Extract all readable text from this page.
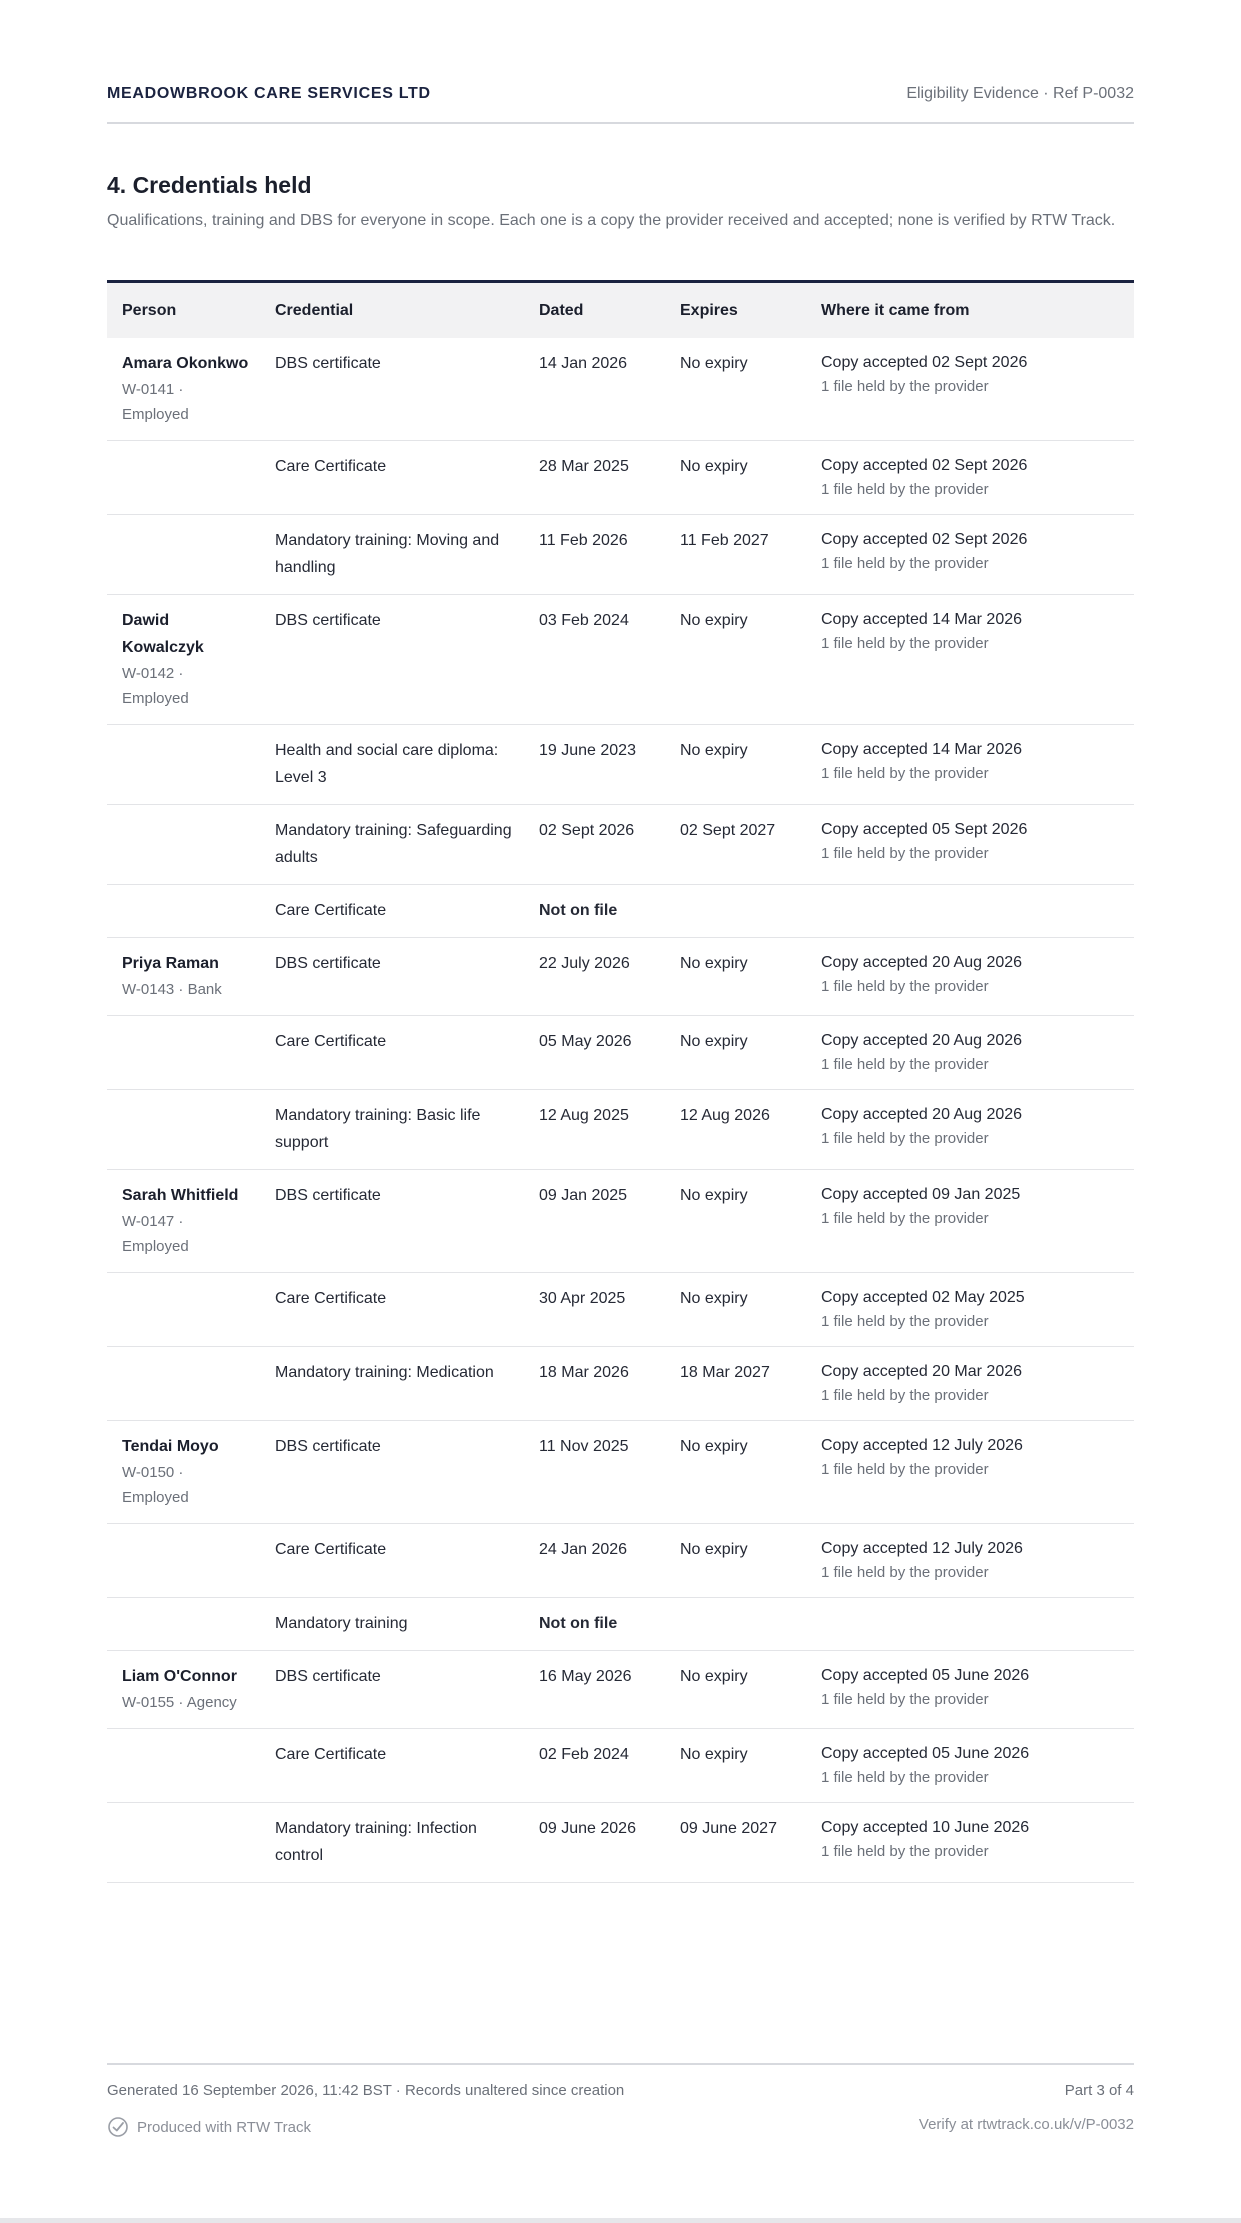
MEADOWBROOK CARE SERVICES LTD	Eligibility Evidence · Ref P-0032
4. Credentials held

Qualifications, training and DBS for everyone in scope. Each one is a copy the provider received and accepted; none is verified by RTW Track.

Person	Credential	Dated	Expires	Where it came from

Amara Okonkwo
W-0141 · Employed	DBS certificate	14 Jan 2026	No expiry	Copy accepted 02 Sept 2026
1 file held by the provider

	Care Certificate	28 Mar 2025	No expiry	Copy accepted 02 Sept 2026
1 file held by the provider

	Mandatory training: Moving and handling	11 Feb 2026	11 Feb 2027	Copy accepted 02 Sept 2026
1 file held by the provider

Dawid Kowalczyk
W-0142 · Employed	DBS certificate	03 Feb 2024	No expiry	Copy accepted 14 Mar 2026
1 file held by the provider

	Health and social care diploma: Level 3	19 June 2023	No expiry	Copy accepted 14 Mar 2026
1 file held by the provider

	Mandatory training: Safeguarding adults	02 Sept 2026	02 Sept 2027	Copy accepted 05 Sept 2026
1 file held by the provider

	Care Certificate	Not on file		

Priya Raman
W-0143 · Bank	DBS certificate	22 July 2026	No expiry	Copy accepted 20 Aug 2026
1 file held by the provider

	Care Certificate	05 May 2026	No expiry	Copy accepted 20 Aug 2026
1 file held by the provider

	Mandatory training: Basic life support	12 Aug 2025	12 Aug 2026	Copy accepted 20 Aug 2026
1 file held by the provider

Sarah Whitfield
W-0147 · Employed	DBS certificate	09 Jan 2025	No expiry	Copy accepted 09 Jan 2025
1 file held by the provider

	Care Certificate	30 Apr 2025	No expiry	Copy accepted 02 May 2025
1 file held by the provider

	Mandatory training: Medication	18 Mar 2026	18 Mar 2027	Copy accepted 20 Mar 2026
1 file held by the provider

Tendai Moyo
W-0150 · Employed	DBS certificate	11 Nov 2025	No expiry	Copy accepted 12 July 2026
1 file held by the provider

	Care Certificate	24 Jan 2026	No expiry	Copy accepted 12 July 2026
1 file held by the provider

	Mandatory training	Not on file		

Liam O'Connor
W-0155 · Agency	DBS certificate	16 May 2026	No expiry	Copy accepted 05 June 2026
1 file held by the provider

	Care Certificate	02 Feb 2024	No expiry	Copy accepted 05 June 2026
1 file held by the provider

	Mandatory training: Infection control	09 June 2026	09 June 2027	Copy accepted 10 June 2026
1 file held by the provider
Generated 16 September 2026, 11:42 BST · Records unaltered since creation	Part 3 of 4
Produced with RTW Track	Verify at rtwtrack.co.uk/v/P-0032
